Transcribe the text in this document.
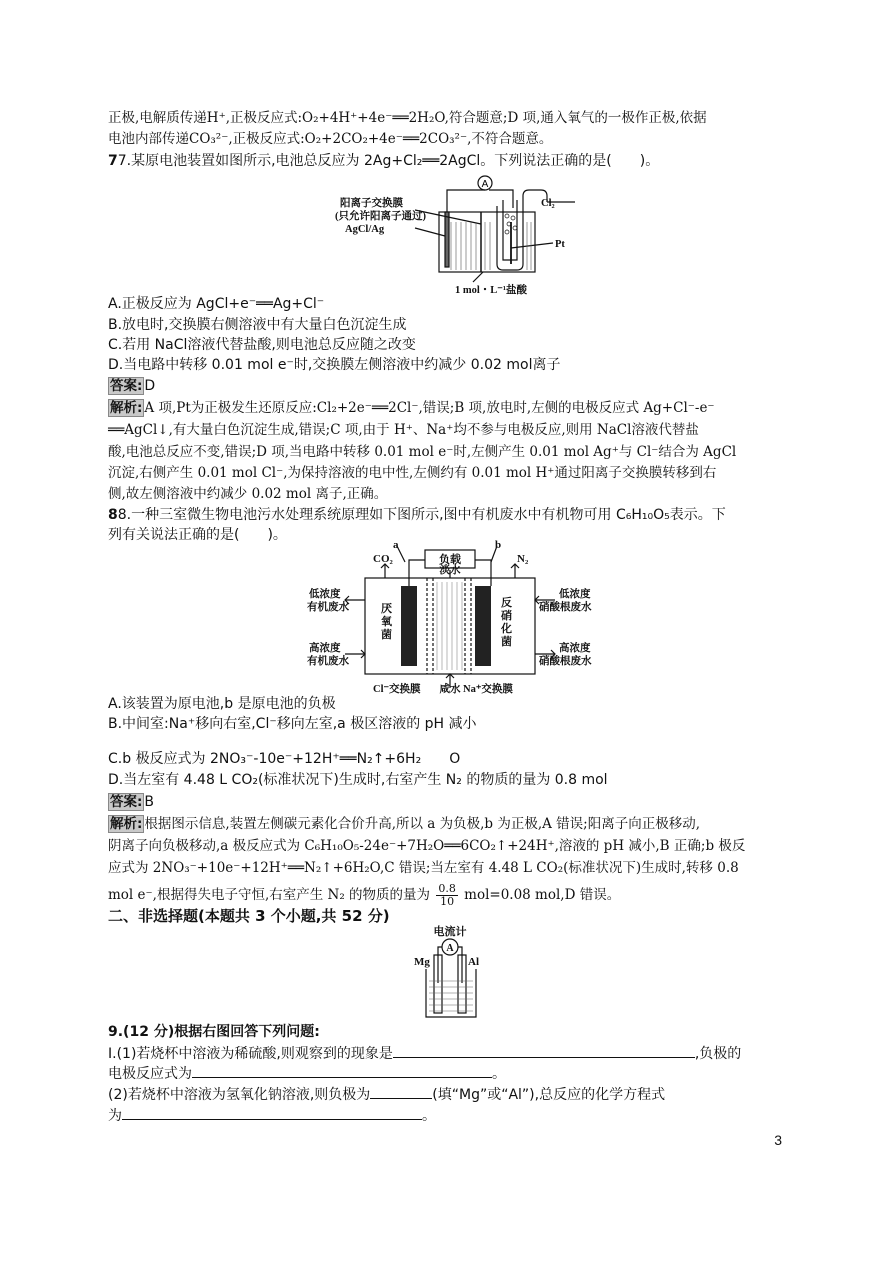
正极,电解质传递H⁺,正极反应式:O₂+4H⁺+4e⁻══2H₂O,符合题意;D 项,通入氧气的一极作正极,依据
电池内部传递CO₃²⁻,正极反应式:O₂+2CO₂+4e⁻══2CO₃²⁻,不符合题意。
77.某原电池装置如图所示,电池总反应为 2Ag+Cl₂══2AgCl。下列说法正确的是(　　)。
A
阳离子交换膜
(只允许阳离子通过)
AgCl/Ag
Cl₂
Pt
1 mol・L⁻¹盐酸
A.正极反应为 AgCl+e⁻══Ag+Cl⁻
B.放电时,交换膜右侧溶液中有大量白色沉淀生成
C.若用 NaCl溶液代替盐酸,则电池总反应随之改变
D.当电路中转移 0.01 mol e⁻时,交换膜左侧溶液中约减少 0.02 mol离子
答案: D
解析: A 项,Pt为正极发生还原反应:Cl₂+2e⁻══2Cl⁻,错误;B 项,放电时,左侧的电极反应式 Ag+Cl⁻-e⁻
══AgCl↓,有大量白色沉淀生成,错误;C 项,由于 H⁺、Na⁺均不参与电极反应,则用 NaCl溶液代替盐
酸,电池总反应不变,错误;D 项,当电路中转移 0.01 mol e⁻时,左侧产生 0.01 mol Ag⁺与 Cl⁻结合为 AgCl
沉淀,右侧产生 0.01 mol Cl⁻,为保持溶液的电中性,左侧约有 0.01 mol H⁺通过阳离子交换膜转移到右
侧,故左侧溶液中约减少 0.02 mol 离子,正确。
88.一种三室微生物电池污水处理系统原理如下图所示,图中有机废水中有机物可用 C₆H₁₀O₅表示。下
列有关说法正确的是(　　)。
a	b
负载
淡水
CO₂	N₂
低浓度
有机废水
高浓度
有机废水
低浓度
硝酸根废水
高浓度
硝酸根废水
厌
氧
菌
反
硝
化
菌
Cl⁻交换膜 咸水 Na⁺交换膜
A.该装置为原电池,b 是原电池的负极
B.中间室:Na⁺移向右室,Cl⁻移向左室,a 极区溶液的 pH 减小
C.b 极反应式为 2NO₃⁻-10e⁻+12H⁺══N₂↑+6H₂　　O
D.当左室有 4.48 L CO₂(标准状况下)生成时,右室产生 N₂ 的物质的量为 0.8 mol
答案: B
解析: 根据图示信息,装置左侧碳元素化合价升高,所以 a 为负极,b 为正极,A 错误;阳离子向正极移动,
阴离子向负极移动,a 极反应式为 C₆H₁₀O₅-24e⁻+7H₂O══6CO₂↑+24H⁺,溶液的 pH 减小,B 正确;b 极反
应式为 2NO₃⁻+10e⁻+12H⁺══N₂↑+6H₂O,C 错误;当左室有 4.48 L CO₂(标准状况下)生成时,转移 0.8
mol e⁻,根据得失电子守恒,右室产生 N₂ 的物质的量为 $\frac{0.8}{10} mol=0.08$ mol,D 错误。
二、非选择题(本题共 3 个小题,共 52 分)
电流计
A
Mg	Al
9.(12 分)根据右图回答下列问题:
Ⅰ.(1)若烧杯中溶液为稀硫酸,则观察到的现象是	,负极的
电极反应式为	。
(2)若烧杯中溶液为氢氧化钠溶液,则负极为	(填“Mg”或“Al”),总反应的化学方程式
为	。
3
